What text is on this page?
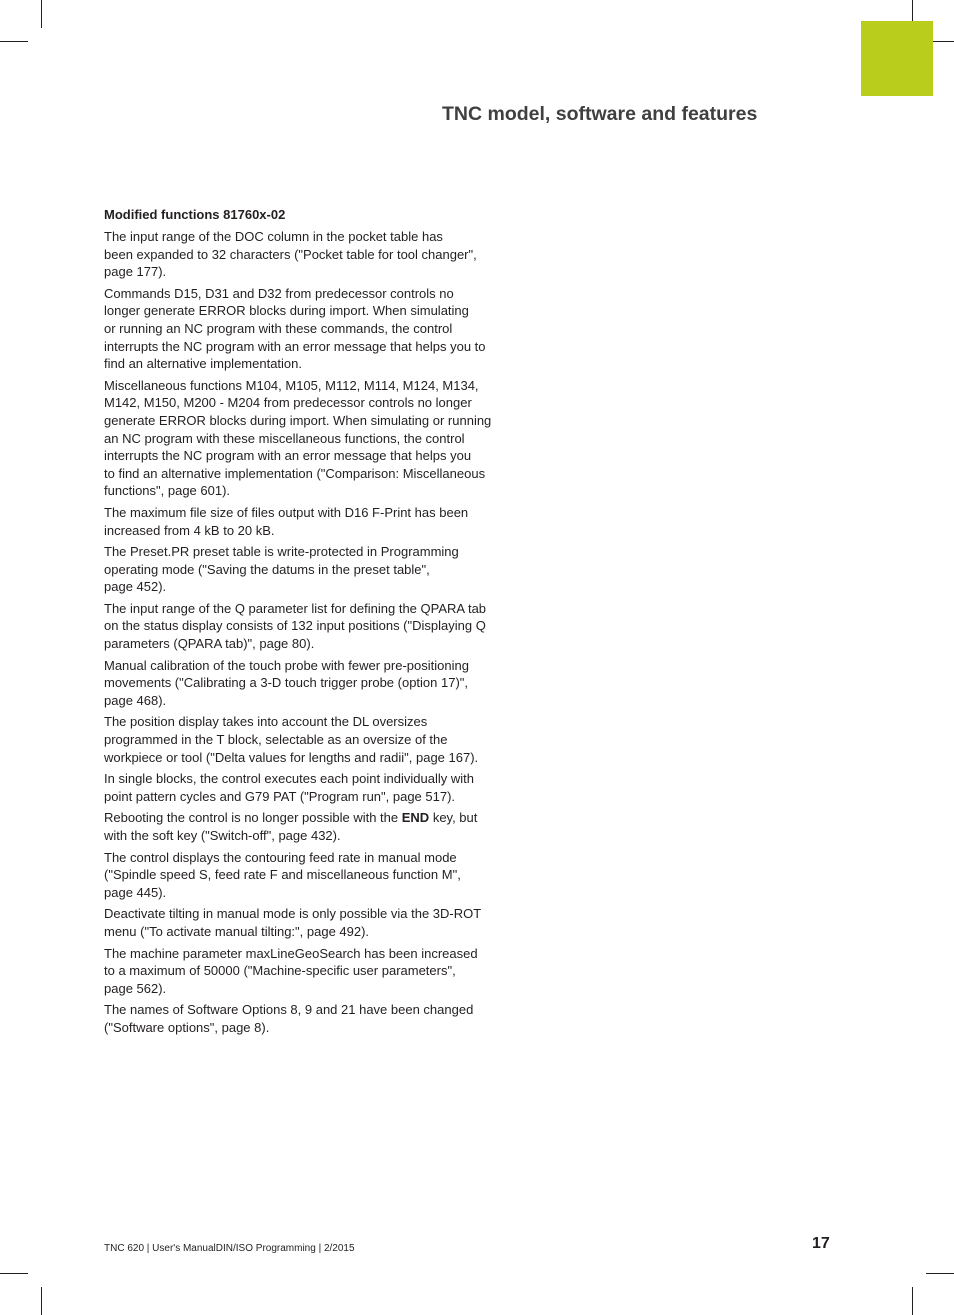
TNC model, software and features
Modified functions 81760x-02
The input range of the DOC column in the pocket table has
been expanded to 32 characters ("Pocket table for tool changer",
page 177).
Commands D15, D31 and D32 from predecessor controls no
longer generate ERROR blocks during import. When simulating
or running an NC program with these commands, the control
interrupts the NC program with an error message that helps you to
find an alternative implementation.
Miscellaneous functions M104, M105, M112, M114, M124, M134,
M142, M150, M200 - M204 from predecessor controls no longer
generate ERROR blocks during import. When simulating or running
an NC program with these miscellaneous functions, the control
interrupts the NC program with an error message that helps you
to find an alternative implementation ("Comparison: Miscellaneous
functions", page 601).
The maximum file size of files output with D16 F-Print has been
increased from 4 kB to 20 kB.
The Preset.PR preset table is write-protected in Programming
operating mode ("Saving the datums in the preset table",
page 452).
The input range of the Q parameter list for defining the QPARA tab
on the status display consists of 132 input positions ("Displaying Q
parameters (QPARA tab)", page 80).
Manual calibration of the touch probe with fewer pre-positioning
movements ("Calibrating a 3-D touch trigger probe (option 17)",
page 468).
The position display takes into account the DL oversizes
programmed in the T block, selectable as an oversize of the
workpiece or tool ("Delta values for lengths and radii", page 167).
In single blocks, the control executes each point individually with
point pattern cycles and G79 PAT ("Program run", page 517).
Rebooting the control is no longer possible with the END key, but
with the soft key ("Switch-off", page 432).
The control displays the contouring feed rate in manual mode
("Spindle speed S, feed rate F and miscellaneous function M",
page 445).
Deactivate tilting in manual mode is only possible via the 3D-ROT
menu ("To activate manual tilting:", page 492).
The machine parameter maxLineGeoSearch has been increased
to a maximum of 50000 ("Machine-specific user parameters",
page 562).
The names of Software Options 8, 9 and 21 have been changed
("Software options", page 8).
TNC 620 | User's ManualDIN/ISO Programming | 2/2015	17
